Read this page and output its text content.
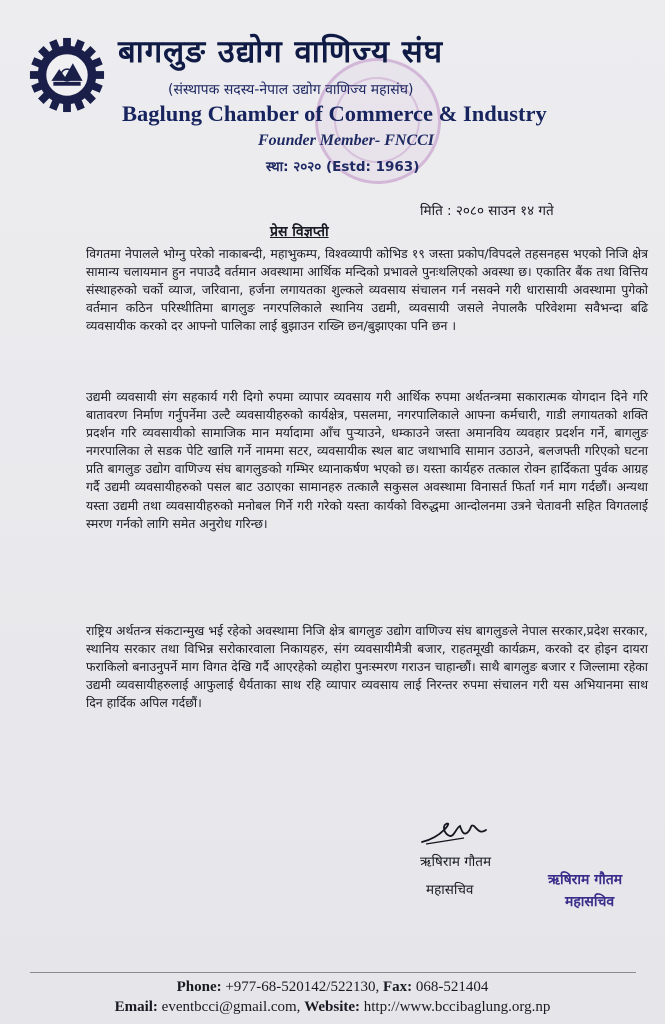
बागलुङ उद्योग वाणिज्य संघ
(संस्थापक सदस्य-नेपाल उद्योग वाणिज्य महासंघ)
Baglung Chamber of Commerce & Industry
Founder Member- FNCCI
स्था: २०२० (Estd: 1963)
मिति : २०८० साउन १४ गते
प्रेस विज्ञप्ती
विगतमा नेपालले भोग्नु परेको नाकाबन्दी, महाभुकम्प, विश्वव्यापी कोभिड १९ जस्ता प्रकोप/विपदले तहसनहस भएको निजि क्षेत्र सामान्य चलायमान हुन नपाउदै वर्तमान अवस्थामा आर्थिक मन्दिको प्रभावले पुनःथलिएको अवस्था छ। एकातिर बैंक तथा वित्तिय संस्थाहरुको चर्को व्याज, जरिवाना, हर्जना लगायतका शुल्कले व्यवसाय संचालन गर्न नसक्ने गरी धारासायी अवस्थामा पुगेको वर्तमान कठिन परिस्थीतिमा बागलुङ नगरपलिकाले स्थानिय उद्यमी, व्यवसायी जसले नेपालकै परिवेशमा सवैभन्दा बढि व्यवसायीक करको दर आफ्नो पालिका लाई बुझाउन राख्नि छन/बुझाएका पनि छन ।
उद्यमी व्यवसायी संग सहकार्य गरी दिगो रुपमा व्यापार व्यवसाय गरी आर्थिक रुपमा अर्थतन्त्रमा सकारात्मक योगदान दिने गरि बातावरण निर्माण गर्नुपर्नेमा उल्टै व्यवसायीहरुको कार्यक्षेत्र, पसलमा, नगरपालिकाले आफ्ना कर्मचारी, गाडी लगायतको शक्ति प्रदर्शन गरि व्यवसायीको सामाजिक मान मर्यादामा आँच पुर्‍याउने, धम्काउने जस्ता अमानविय व्यवहार प्रदर्शन गर्ने, बागलुङ नगरपालिका ले सडक पेटि खालि गर्ने नाममा सटर, व्यवसायीक स्थल बाट जथाभावि सामान उठाउने, बलजफ्ती गरिएको घटना प्रति बागलुङ उद्योग वाणिज्य संघ बागलुङको गम्भिर ध्यानाकर्षण भएको छ। यस्ता कार्यहरु तत्काल रोक्न हार्दिकता पुर्वक आग्रह गर्दै उद्यमी व्यवसायीहरुको पसल बाट उठाएका सामानहरु तत्कालै सकुसल अवस्थामा विनासर्त फिर्ता गर्न माग गर्दछौं। अन्यथा यस्ता उद्यमी तथा व्यवसायीहरुको मनोबल गिर्ने गरी गरेको यस्ता कार्यको विरुद्धमा आन्दोलनमा उत्रने चेतावनी सहित विगतलाई स्मरण गर्नको लागि समेत अनुरोध गरिन्छ।
राष्ट्रिय अर्थतन्त्र संकटान्मुख भई रहेको अवस्थामा निजि क्षेत्र बागलुङ उद्योग वाणिज्य संघ बागलुङले नेपाल सरकार,प्रदेश सरकार, स्थानिय सरकार तथा विभिन्न सरोकारवाला निकायहरु, संग व्यवसायीमैत्री बजार, राहतमूखी कार्यक्रम, करको दर होइन दायरा फराकिलो बनाउनुपर्ने माग विगत देखि गर्दै आएरहेको व्यहोरा पुनःस्मरण गराउन चाहान्छौं। साथै बागलुङ बजार र जिल्लामा रहेका उद्यमी व्यवसायीहरुलाई आफुलाई धैर्यताका साथ रहि व्यापार व्यवसाय लाई निरन्तर रुपमा संचालन गरी यस अभियानमा साथ दिन हार्दिक अपिल गर्दछौं।
ऋषिराम गौतम
महासचिव
ऋषिराम गौतम
महासचिव
Phone: +977-68-520142/522130, Fax: 068-521404
Email: eventbcci@gmail.com, Website: http://www.bccibaglung.org.np
